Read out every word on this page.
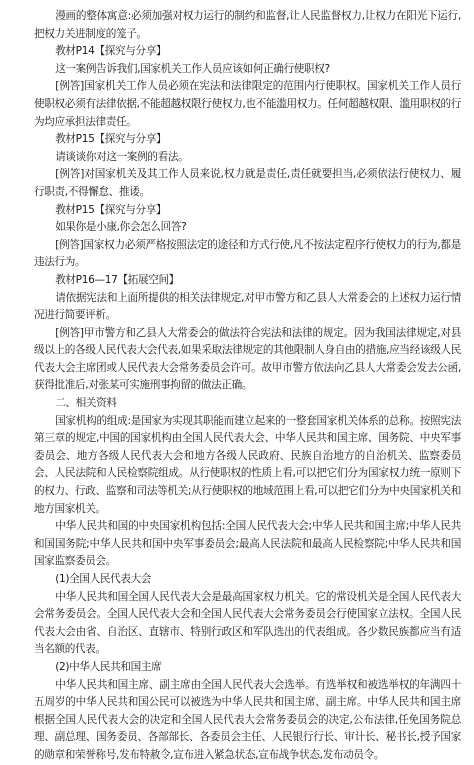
漫画的整体寓意:必须加强对权力运行的制约和监督,让人民监督权力,让权力在阳光下运行,把权力关进制度的笼子。

教材P14【探究与分享】

这一案例告诉我们,国家机关工作人员应该如何正确行使职权?

[例答]国家机关工作人员必须在宪法和法律限定的范围内行使职权。国家机关工作人员行使职权必须有法律依据,不能超越权限行使权力,也不能滥用权力。任何超越权限、滥用职权的行为均应承担法律责任。

教材P15【探究与分享】

请谈谈你对这一案例的看法。

[例答]对国家机关及其工作人员来说,权力就是责任,责任就要担当,必须依法行使权力、履行职责,不得懈怠、推诿。

教材P15【探究与分享】

如果你是小康,你会怎么回答?

[例答]国家权力必须严格按照法定的途径和方式行使,凡不按法定程序行使权力的行为,都是违法行为。

教材P16—17【拓展空间】

请依据宪法和上面所提供的相关法律规定,对甲市警方和乙县人大常委会的上述权力运行情况进行简要评析。

[例答]甲市警方和乙县人大常委会的做法符合宪法和法律的规定。因为我国法律规定,对县级以上的各级人民代表大会代表,如果采取法律规定的其他限制人身自由的措施,应当经该级人民代表大会主席团或人民代表大会常务委员会许可。故甲市警方依法向乙县人大常委会发去公函,获得批准后,对张某可实施刑事拘留的做法正确。

二、相关资料

国家机构的组成:是国家为实现其职能而建立起来的一整套国家机关体系的总称。按照宪法第三章的规定,中国的国家机构由全国人民代表大会、中华人民共和国主席、国务院、中央军事委员会、地方各级人民代表大会和地方各级人民政府、民族自治地方的自治机关、监察委员会、人民法院和人民检察院组成。从行使职权的性质上看,可以把它们分为国家权力统一原则下的权力、行政、监察和司法等机关;从行使职权的地域范围上看,可以把它们分为中央国家机关和地方国家机关。

中华人民共和国的中央国家机构包括:全国人民代表大会;中华人民共和国主席;中华人民共和国国务院;中华人民共和国中央军事委员会;最高人民法院和最高人民检察院;中华人民共和国国家监察委员会。

(1)全国人民代表大会

中华人民共和国全国人民代表大会是最高国家权力机关。它的常设机关是全国人民代表大会常务委员会。全国人民代表大会和全国人民代表大会常务委员会行使国家立法权。全国人民代表大会由省、自治区、直辖市、特别行政区和军队选出的代表组成。各少数民族都应当有适当名额的代表。

(2)中华人民共和国主席

中华人民共和国主席、副主席由全国人民代表大会选举。有选举权和被选举权的年满四十五周岁的中华人民共和国公民可以被选为中华人民共和国主席、副主席。中华人民共和国主席根据全国人民代表大会的决定和全国人民代表大会常务委员会的决定,公布法律,任免国务院总理、副总理、国务委员、各部部长、各委员会主任、人民银行行长、审计长、秘书长,授予国家的勋章和荣誉称号,发布特赦令,宣布进入紧急状态,宣布战争状态,发布动员令。
